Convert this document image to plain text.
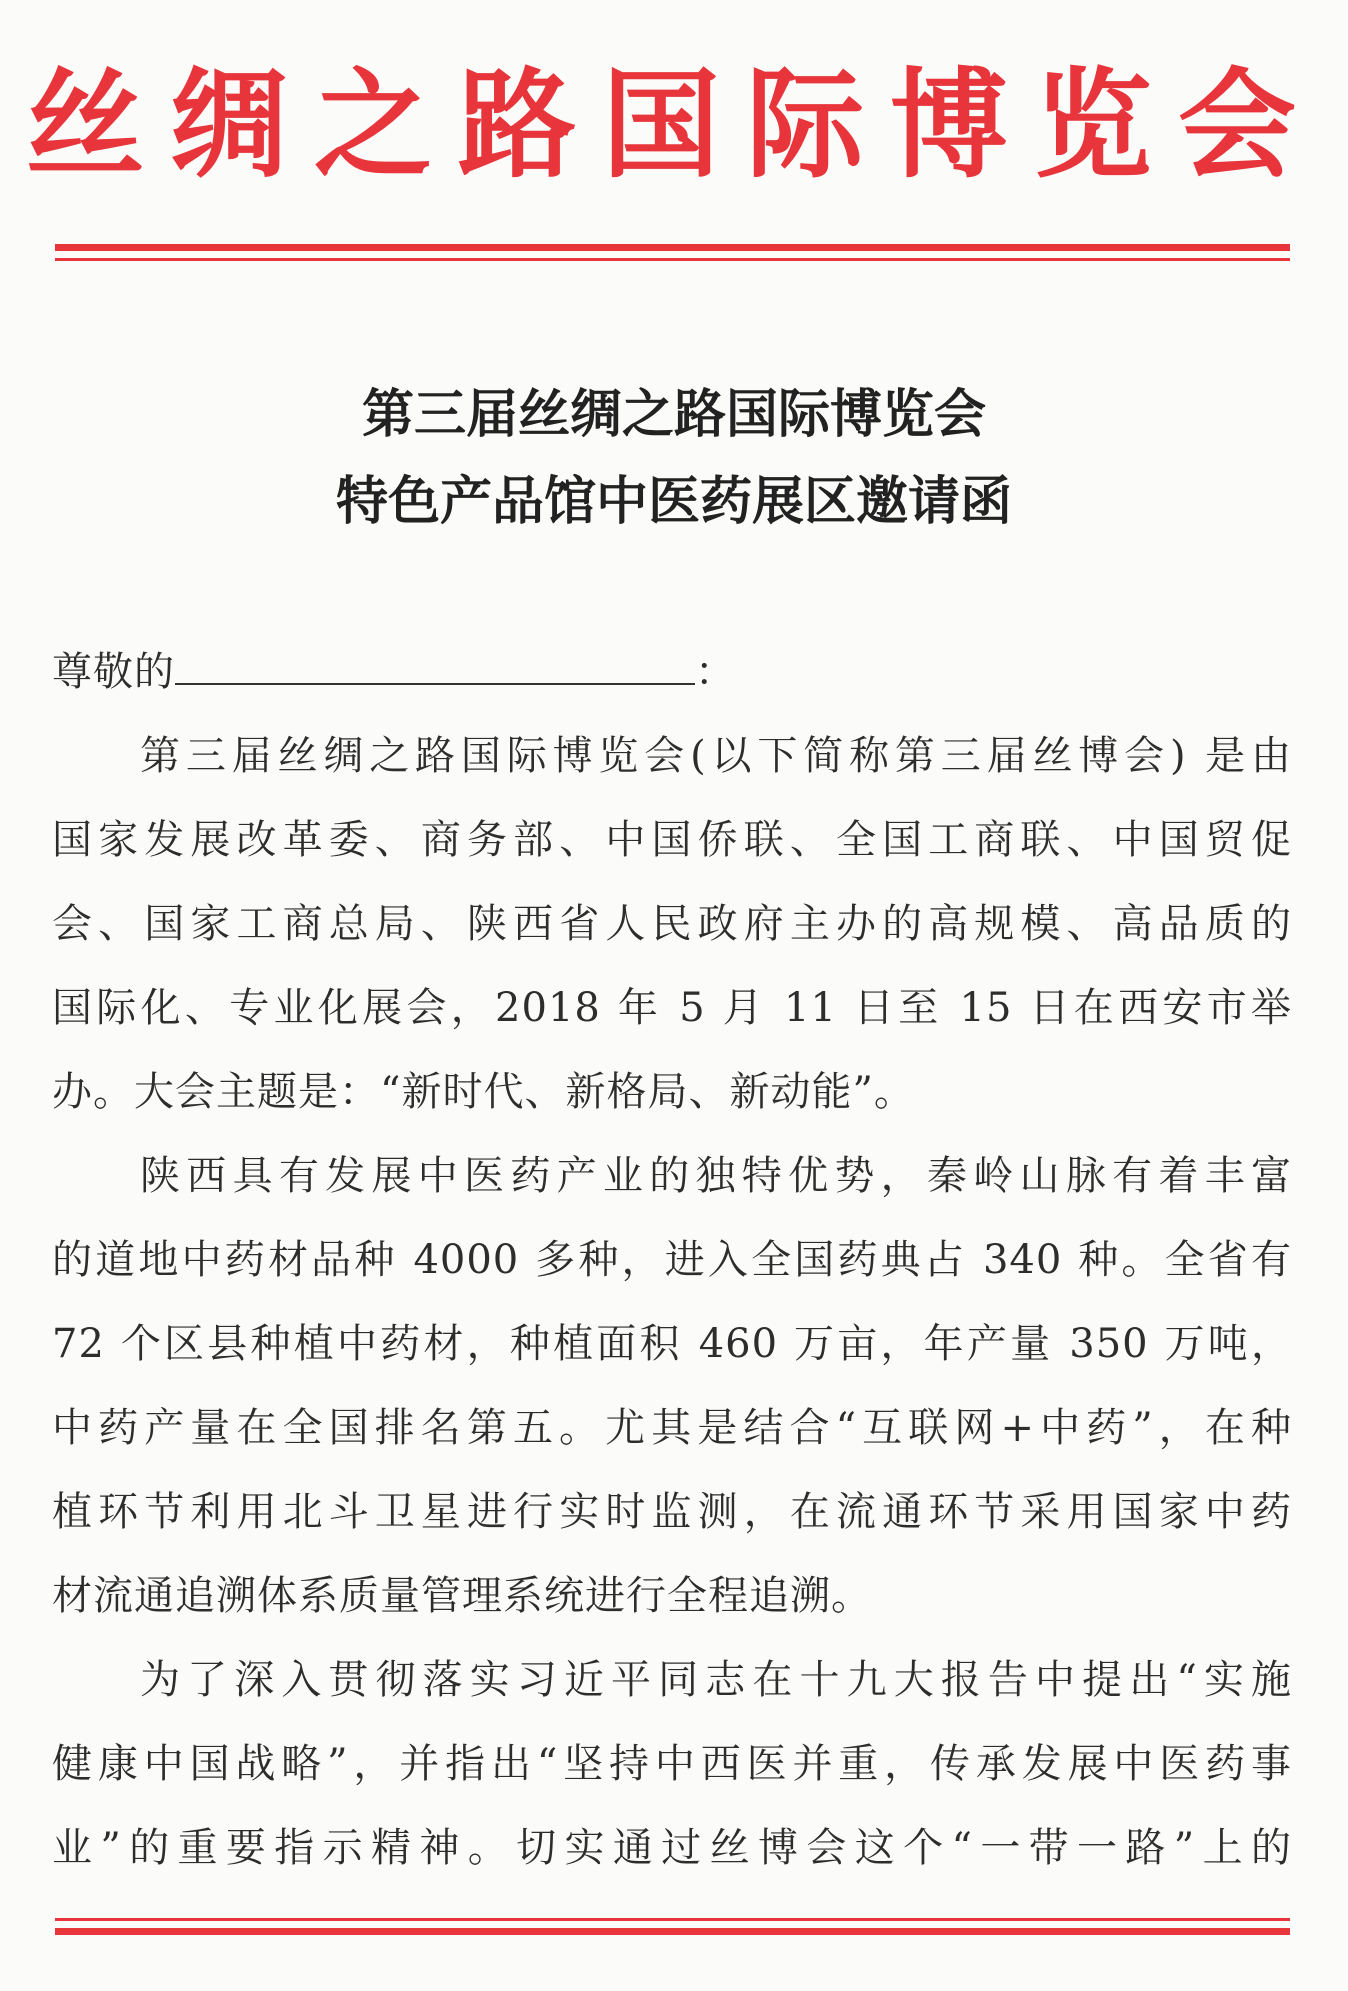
丝绸之路国际博览会
第三届丝绸之路国际博览会
特色产品馆中医药展区邀请函
尊敬的	：
第三届丝绸之路国际博览会(以下简称第三届丝博会) 是由
国家发展改革委、商务部、中国侨联、全国工商联、中国贸促
会、国家工商总局、陕西省人民政府主办的高规模、高品质的
国际化、专业化展会，2018 年 5 月 11 日至 15 日在西安市举
办。大会主题是：“新时代、新格局、新动能”。
陕西具有发展中医药产业的独特优势，秦岭山脉有着丰富
的道地中药材品种 4000 多种，进入全国药典占 340 种。全省有
72 个区县种植中药材，种植面积 460 万亩，年产量 350 万吨，
中药产量在全国排名第五。尤其是结合“互联网+中药”，在种
植环节利用北斗卫星进行实时监测，在流通环节采用国家中药
材流通追溯体系质量管理系统进行全程追溯。
为了深入贯彻落实习近平同志在十九大报告中提出“实施
健康中国战略”，并指出“坚持中西医并重，传承发展中医药事
业”的重要指示精神。切实通过丝博会这个“一带一路”上的
